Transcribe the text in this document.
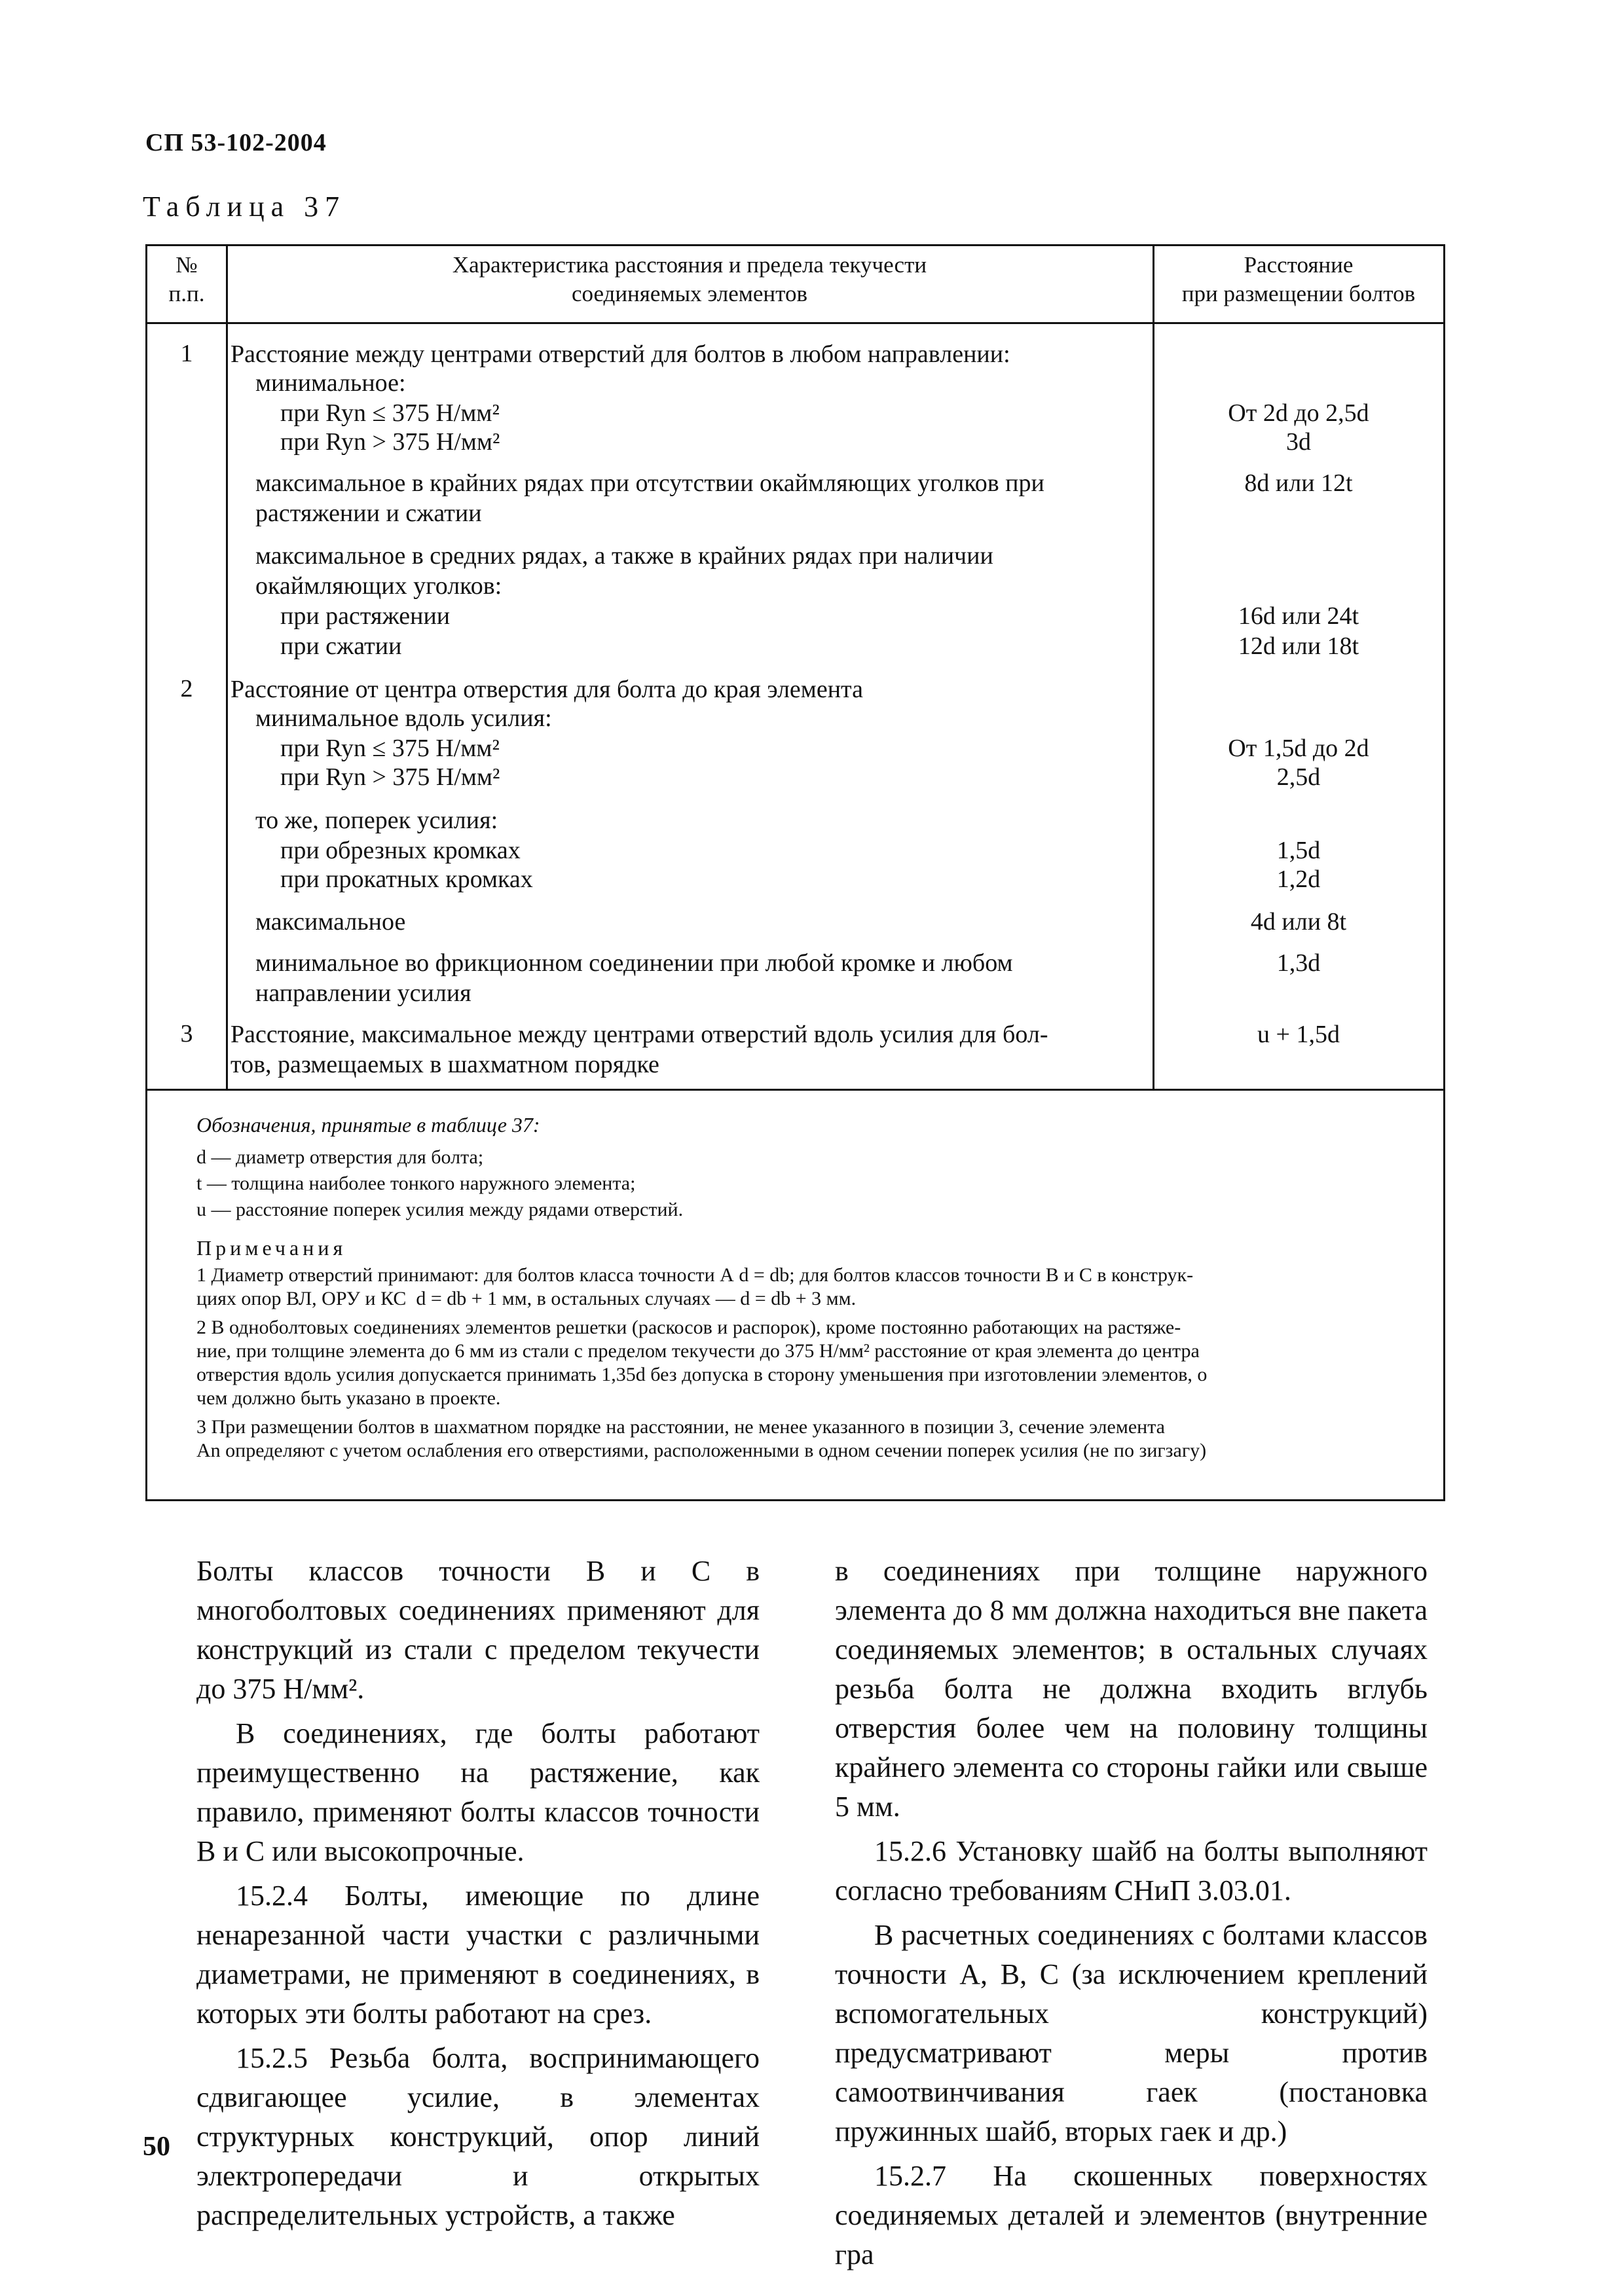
СП 53-102-2004
Таблица 37
№
п.п.
Характеристика расстояния и предела текучести
соединяемых элементов
Расстояние
при размещении болтов
1
2
3
Расстояние между центрами отверстий для болтов в любом направлении:
минимальное:
при Ryn ≤ 375 Н/мм²
при Ryn > 375 Н/мм²
максимальное в крайних рядах при отсутствии окаймляющих уголков при
растяжении и сжатии
максимальное в средних рядах, а также в крайних рядах при наличии
окаймляющих уголков:
при растяжении
при сжатии
Расстояние от центра отверстия для болта до края элемента
минимальное вдоль усилия:
при Ryn ≤ 375 Н/мм²
при Ryn > 375 Н/мм²
то же, поперек усилия:
при обрезных кромках
при прокатных кромках
максимальное
минимальное во фрикционном соединении при любой кромке и любом
направлении усилия
Расстояние, максимальное между центрами отверстий вдоль усилия для бол-
тов, размещаемых в шахматном порядке
От 2d до 2,5d
3d
8d или 12t
16d или 24t
12d или 18t
От 1,5d до 2d
2,5d
1,5d
1,2d
4d или 8t
1,3d
u + 1,5d
Обозначения, принятые в таблице 37:
d — диаметр отверстия для болта;
t — толщина наиболее тонкого наружного элемента;
u — расстояние поперек усилия между рядами отверстий.
Примечания
1 Диаметр отверстий принимают: для болтов класса точности А d = db; для болтов классов точности В и С в конструк-
циях опор ВЛ, ОРУ и КС  d = db + 1 мм, в остальных случаях — d = db + 3 мм.
2 В одноболтовых соединениях элементов решетки (раскосов и распорок), кроме постоянно работающих на растяже-
ние, при толщине элемента до 6 мм из стали с пределом текучести до 375 Н/мм² расстояние от края элемента до центра
отверстия вдоль усилия допускается принимать 1,35d без допуска в сторону уменьшения при изготовлении элементов, о
чем должно быть указано в проекте.
3 При размещении болтов в шахматном порядке на расстоянии, не менее указанного в позиции 3, сечение элемента
An определяют с учетом ослабления его отверстиями, расположенными в одном сечении поперек усилия (не по зигзагу)

Болты классов точности В и С в многоболтовых соединениях применяют для конструкций из стали с пределом текучести до 375 Н/мм².

В соединениях, где болты работают преимущественно на растяжение, как правило, применяют болты классов точности В и С или высокопрочные.

15.2.4 Болты, имеющие по длине ненарезанной части участки с различными диаметрами, не применяют в соединениях, в которых эти болты работают на срез.

15.2.5 Резьба болта, воспринимающего сдвигающее усилие, в элементах структурных конструкций, опор линий электропередачи и открытых распределительных устройств, а также

в соединениях при толщине наружного элемента до 8 мм должна находиться вне пакета соединяемых элементов; в остальных случаях резьба болта не должна входить вглубь отверстия более чем на половину толщины крайнего элемента со стороны гайки или свыше 5 мм.

15.2.6 Установку шайб на болты выполняют согласно требованиям СНиП 3.03.01.

В расчетных соединениях с болтами классов точности А, В, С (за исключением креплений вспомогательных конструкций) предусматривают меры против самоотвинчивания гаек (постановка пружинных шайб, вторых гаек и др.)

15.2.7 На скошенных поверхностях соединяемых деталей и элементов (внутренние гра

50
